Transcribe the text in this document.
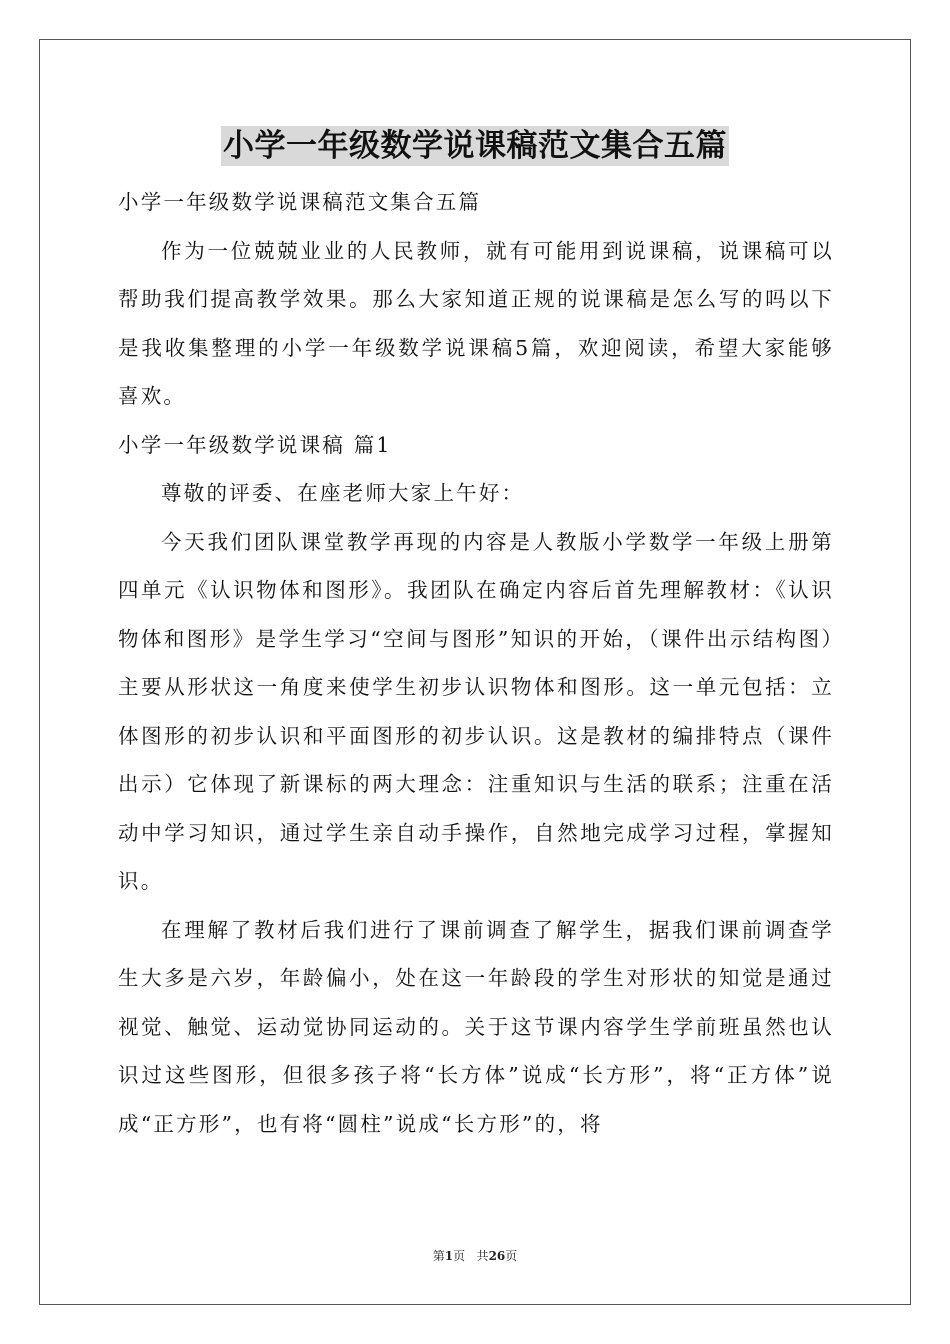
小学一年级数学说课稿范文集合五篇
小学一年级数学说课稿范文集合五篇

作为一位兢兢业业的人民教师，就有可能用到说课稿，说课稿可以帮助我们提高教学效果。那么大家知道正规的说课稿是怎么写的吗以下是我收集整理的小学一年级数学说课稿5篇，欢迎阅读，希望大家能够喜欢。

小学一年级数学说课稿 篇1

尊敬的评委、在座老师大家上午好：

今天我们团队课堂教学再现的内容是人教版小学数学一年级上册第四单元《认识物体和图形》。我团队在确定内容后首先理解教材：《认识物体和图形》是学生学习“空间与图形”知识的开始，（课件出示结构图）主要从形状这一角度来使学生初步认识物体和图形。这一单元包括：立体图形的初步认识和平面图形的初步认识。这是教材的编排特点（课件出示）它体现了新课标的两大理念：注重知识与生活的联系；注重在活动中学习知识，通过学生亲自动手操作，自然地完成学习过程，掌握知识。

在理解了教材后我们进行了课前调查了解学生，据我们课前调查学生大多是六岁，年龄偏小，处在这一年龄段的学生对形状的知觉是通过视觉、触觉、运动觉协同运动的。关于这节课内容学生学前班虽然也认识过这些图形，但很多孩子将“长方体”说成“长方形”，将“正方体”说成“正方形”，也有将“圆柱”说成“长方形”的，将

第1页 共26页
